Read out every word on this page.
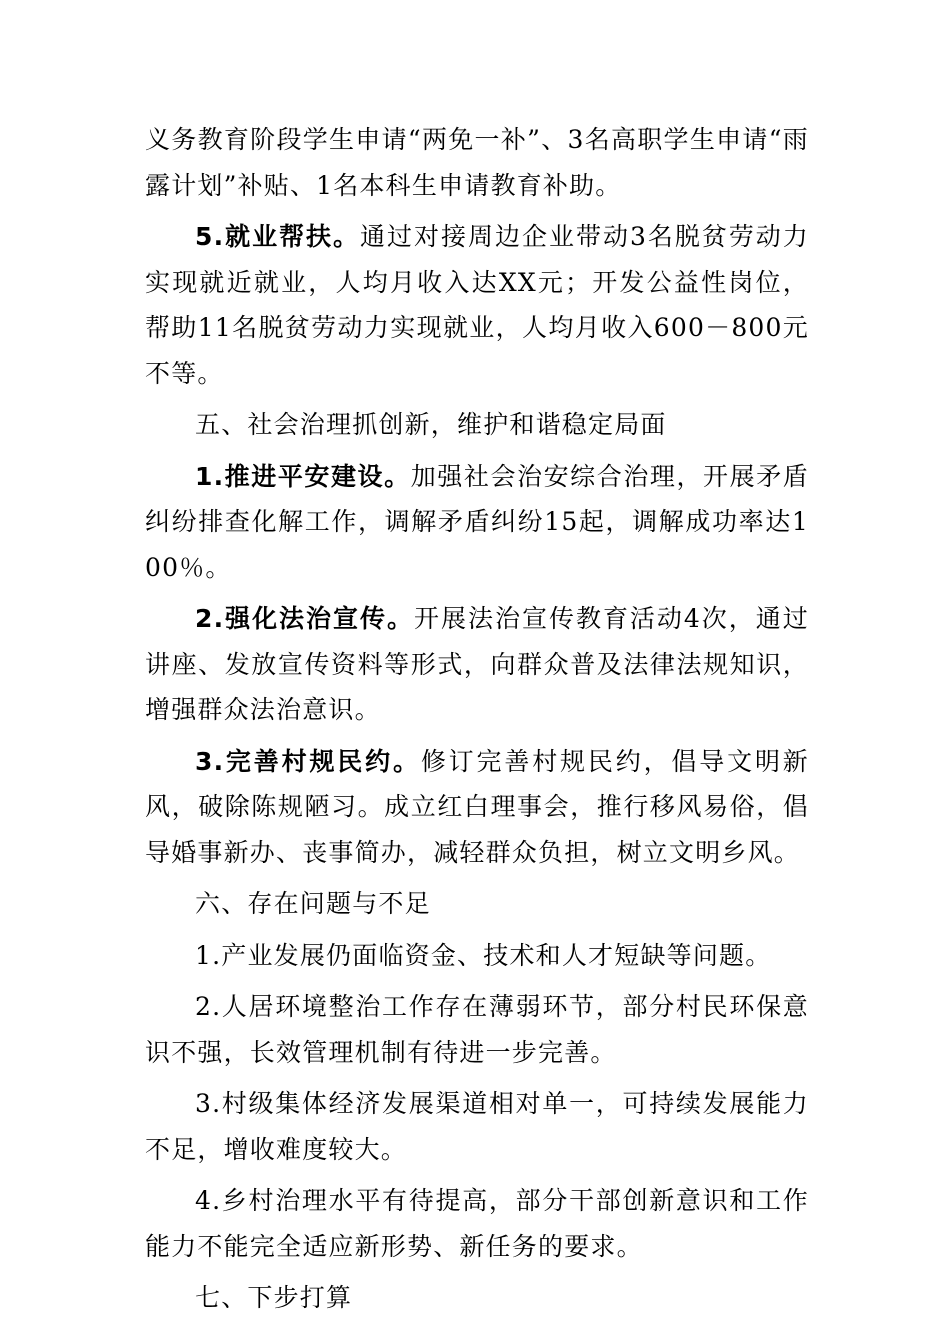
义务教育阶段学生申请“两免一补”、3名高职学生申请“雨露计划”补贴、1名本科生申请教育补助。

5.就业帮扶。通过对接周边企业带动3名脱贫劳动力实现就近就业，人均月收入达XX元；开发公益性岗位，帮助11名脱贫劳动力实现就业，人均月收入600－800元不等。

五、社会治理抓创新，维护和谐稳定局面

1.推进平安建设。加强社会治安综合治理，开展矛盾纠纷排查化解工作，调解矛盾纠纷15起，调解成功率达100％。

2.强化法治宣传。开展法治宣传教育活动4次，通过讲座、发放宣传资料等形式，向群众普及法律法规知识，增强群众法治意识。

3.完善村规民约。修订完善村规民约，倡导文明新风，破除陈规陋习。成立红白理事会，推行移风易俗，倡导婚事新办、丧事简办，减轻群众负担，树立文明乡风。

六、存在问题与不足

1.产业发展仍面临资金、技术和人才短缺等问题。

2.人居环境整治工作存在薄弱环节，部分村民环保意识不强，长效管理机制有待进一步完善。

3.村级集体经济发展渠道相对单一，可持续发展能力不足，增收难度较大。

4.乡村治理水平有待提高，部分干部创新意识和工作能力不能完全适应新形势、新任务的要求。

七、下步打算
